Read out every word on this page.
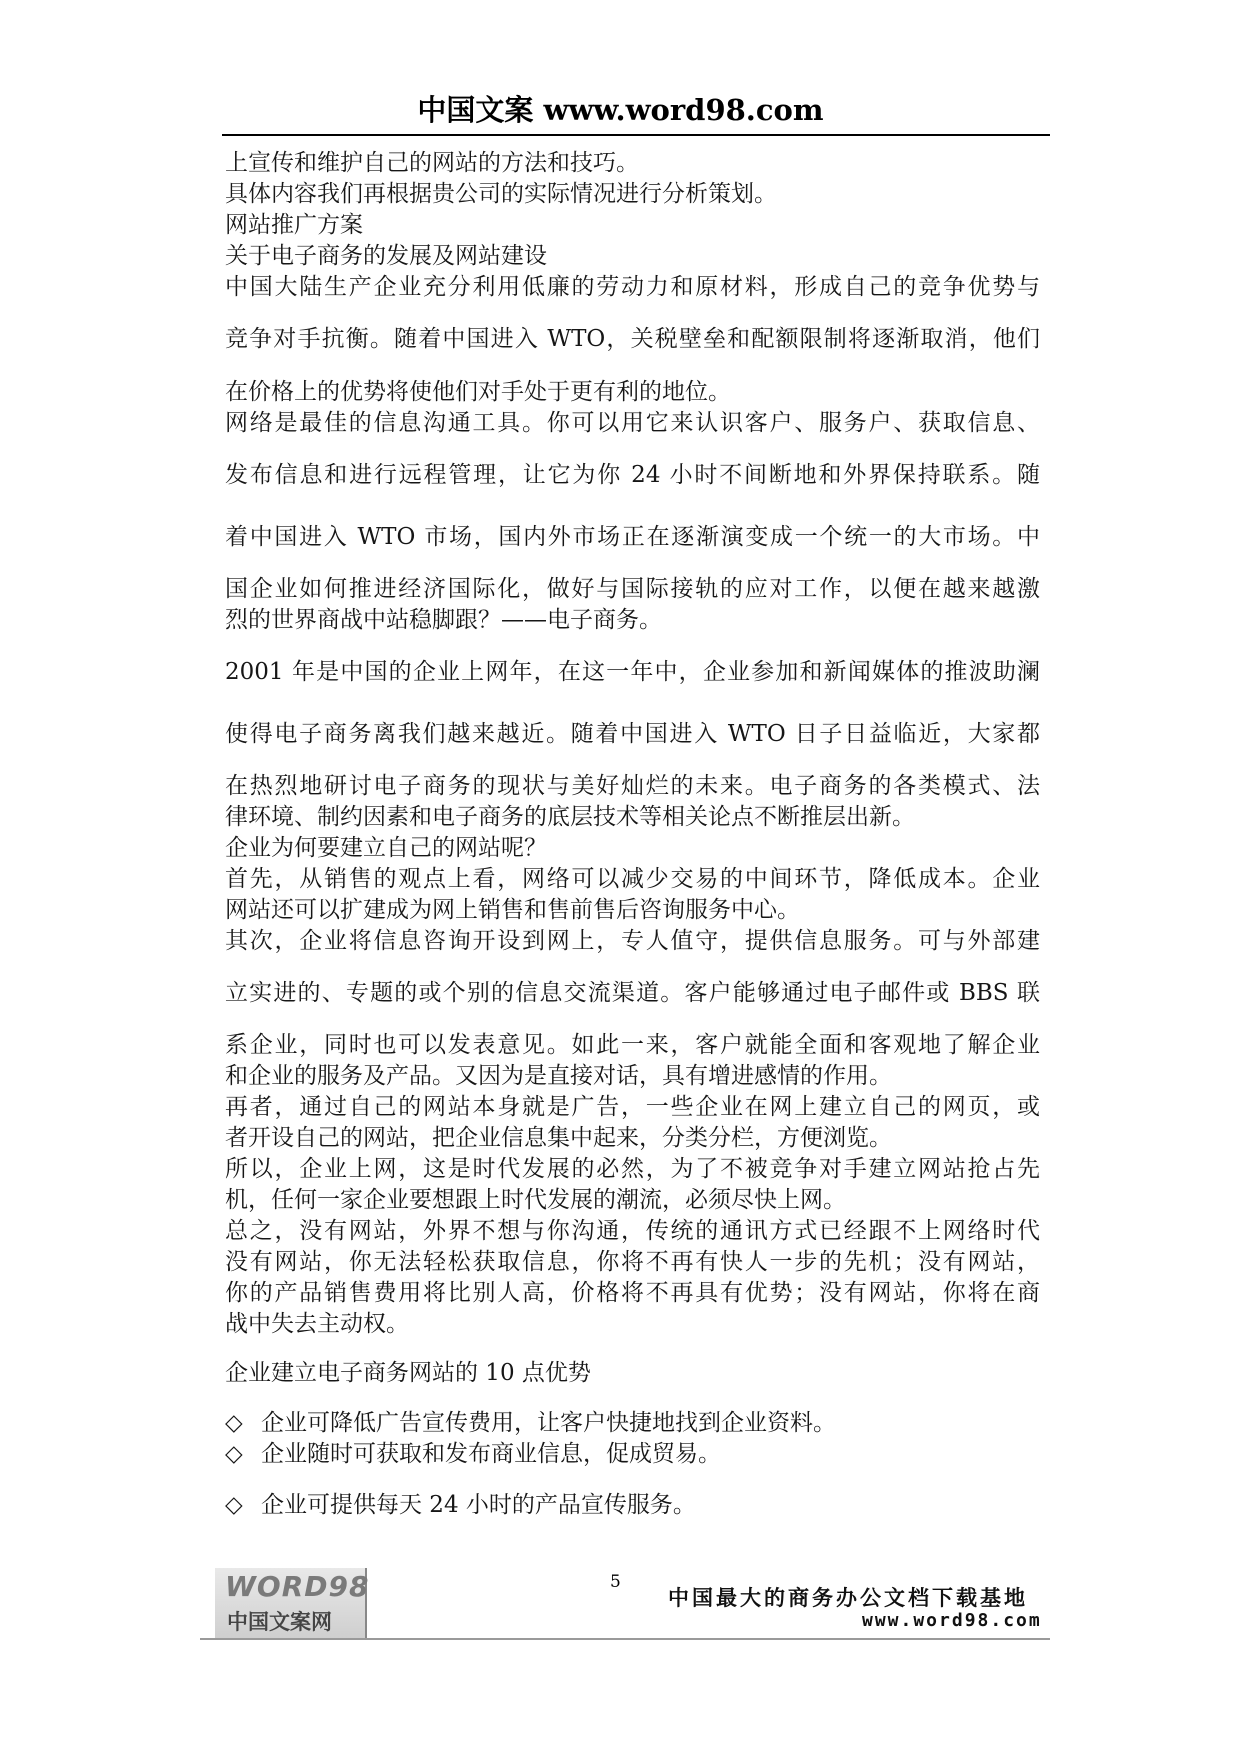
中国文案 www.word98.com
上宣传和维护自己的网站的方法和技巧。
具体内容我们再根据贵公司的实际情况进行分析策划。
网站推广方案
关于电子商务的发展及网站建设
中国大陆生产企业充分利用低廉的劳动力和原材料，形成自己的竞争优势与
竞争对手抗衡。随着中国进入 WTO，关税壁垒和配额限制将逐渐取消，他们
在价格上的优势将使他们对手处于更有利的地位。
网络是最佳的信息沟通工具。你可以用它来认识客户、服务户、获取信息、
发布信息和进行远程管理，让它为你 24 小时不间断地和外界保持联系。随
着中国进入 WTO 市场，国内外市场正在逐渐演变成一个统一的大市场。中
国企业如何推进经济国际化，做好与国际接轨的应对工作，以便在越来越激
烈的世界商战中站稳脚跟？——电子商务。
2001 年是中国的企业上网年，在这一年中，企业参加和新闻媒体的推波助澜
使得电子商务离我们越来越近。随着中国进入 WTO 日子日益临近，大家都
在热烈地研讨电子商务的现状与美好灿烂的未来。电子商务的各类模式、法
律环境、制约因素和电子商务的底层技术等相关论点不断推层出新。
企业为何要建立自己的网站呢？
首先，从销售的观点上看，网络可以减少交易的中间环节，降低成本。企业
网站还可以扩建成为网上销售和售前售后咨询服务中心。
其次，企业将信息咨询开设到网上，专人值守，提供信息服务。可与外部建
立实进的、专题的或个别的信息交流渠道。客户能够通过电子邮件或 BBS 联
系企业，同时也可以发表意见。如此一来，客户就能全面和客观地了解企业
和企业的服务及产品。又因为是直接对话，具有增进感情的作用。
再者，通过自己的网站本身就是广告，一些企业在网上建立自己的网页，或
者开设自己的网站，把企业信息集中起来，分类分栏，方便浏览。
所以，企业上网，这是时代发展的必然，为了不被竞争对手建立网站抢占先
机，任何一家企业要想跟上时代发展的潮流，必须尽快上网。
总之，没有网站，外界不想与你沟通，传统的通讯方式已经跟不上网络时代
没有网站，你无法轻松获取信息，你将不再有快人一步的先机；没有网站，
你的产品销售费用将比别人高，价格将不再具有优势；没有网站，你将在商
战中失去主动权。
企业建立电子商务网站的 10 点优势
◇ 企业可降低广告宣传费用，让客户快捷地找到企业资料。
◇ 企业随时可获取和发布商业信息，促成贸易。
◇ 企业可提供每天 24 小时的产品宣传服务。
WORD98
中国文案网
5
中国最大的商务办公文档下载基地
www.word98.com
